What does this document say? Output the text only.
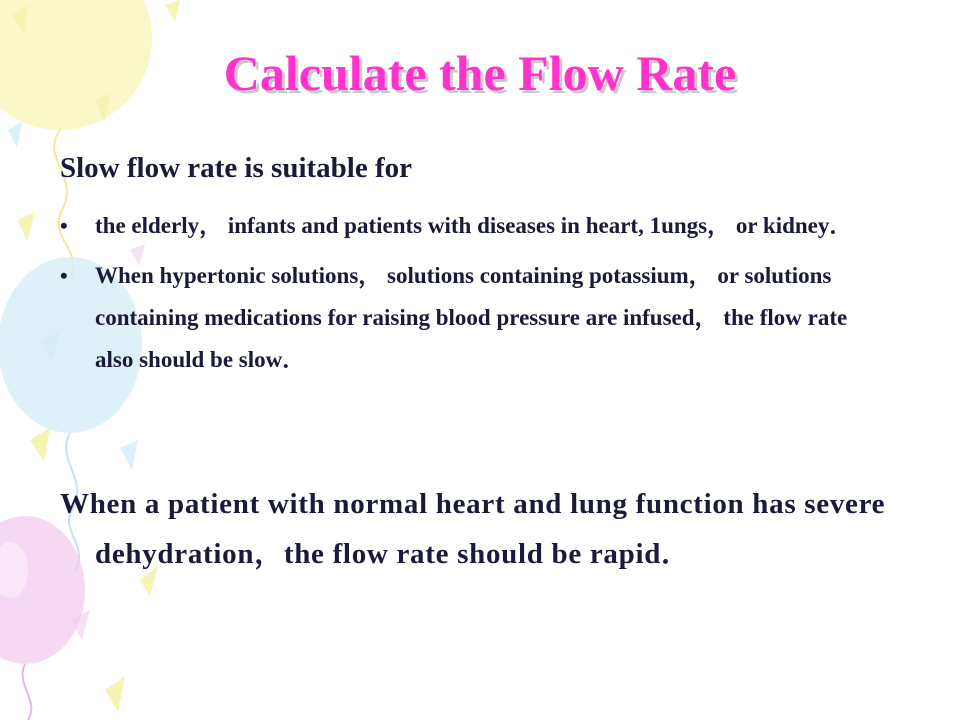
Calculate the Flow Rate
Slow flow rate is suitable for
• the elderly， infants and patients with diseases in heart, 1ungs， or kidney．
• When hypertonic solutions， solutions containing potassium， or solutions containing medications for raising blood pressure are infused， the flow rate also should be slow．
When a patient with normal heart and lung function has severe dehydration，the flow rate should be rapid．
